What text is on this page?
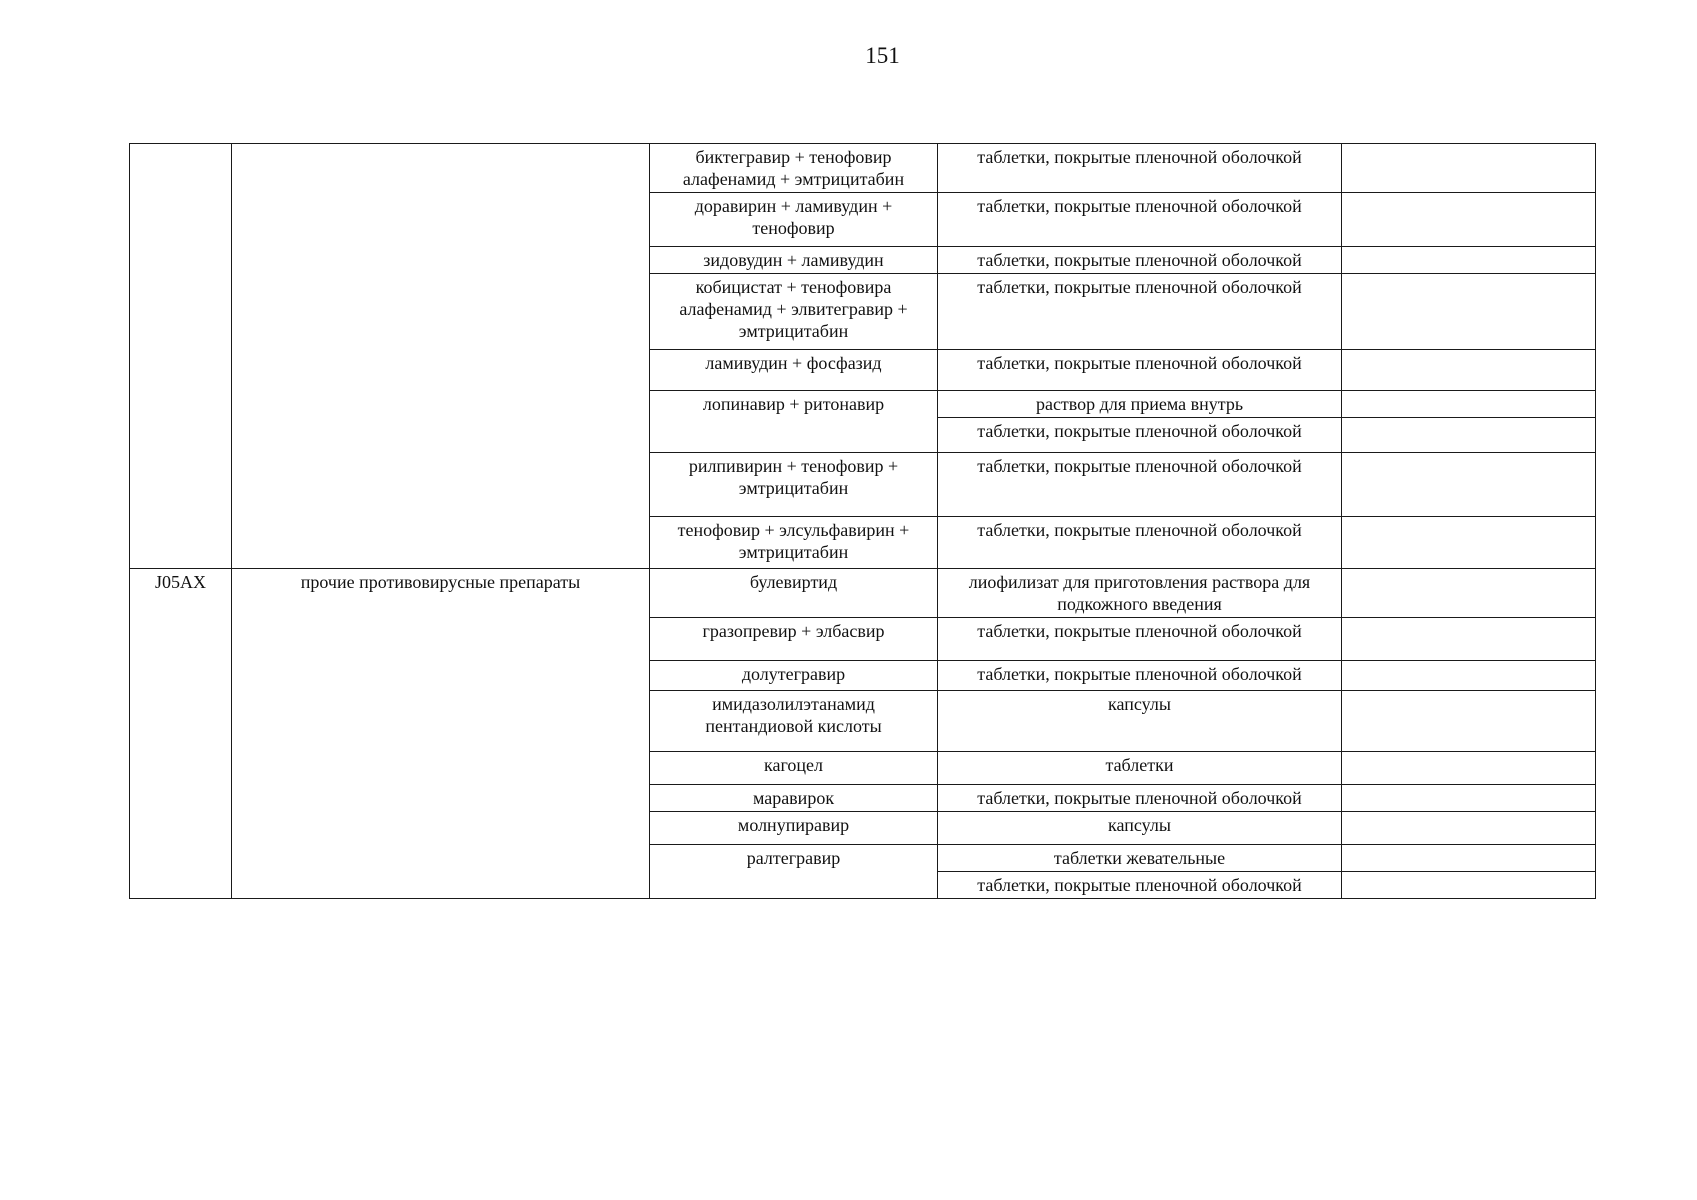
151
		биктегравир + тенофовир алафенамид + эмтрицитабин	таблетки, покрытые пленочной оболочкой	
		доравирин + ламивудин + тенофовир	таблетки, покрытые пленочной оболочкой	
		зидовудин + ламивудин	таблетки, покрытые пленочной оболочкой	
		кобицистат + тенофовира алафенамид + элвитегравир + эмтрицитабин	таблетки, покрытые пленочной оболочкой	
		ламивудин + фосфазид	таблетки, покрытые пленочной оболочкой	
		лопинавир + ритонавир	раствор для приема внутрь	
			таблетки, покрытые пленочной оболочкой	
		рилпивирин + тенофовир + эмтрицитабин	таблетки, покрытые пленочной оболочкой	
		тенофовир + элсульфавирин + эмтрицитабин	таблетки, покрытые пленочной оболочкой	
J05AX	прочие противовирусные препараты	булевиртид	лиофилизат для приготовления раствора для подкожного введения	
		гразопревир + элбасвир	таблетки, покрытые пленочной оболочкой	
		долутегравир	таблетки, покрытые пленочной оболочкой	
		имидазолилэтанамид пентандиовой кислоты	капсулы	
		кагоцел	таблетки	
		маравирок	таблетки, покрытые пленочной оболочкой	
		молнупиравир	капсулы	
		ралтегравир	таблетки жевательные	
			таблетки, покрытые пленочной оболочкой	
